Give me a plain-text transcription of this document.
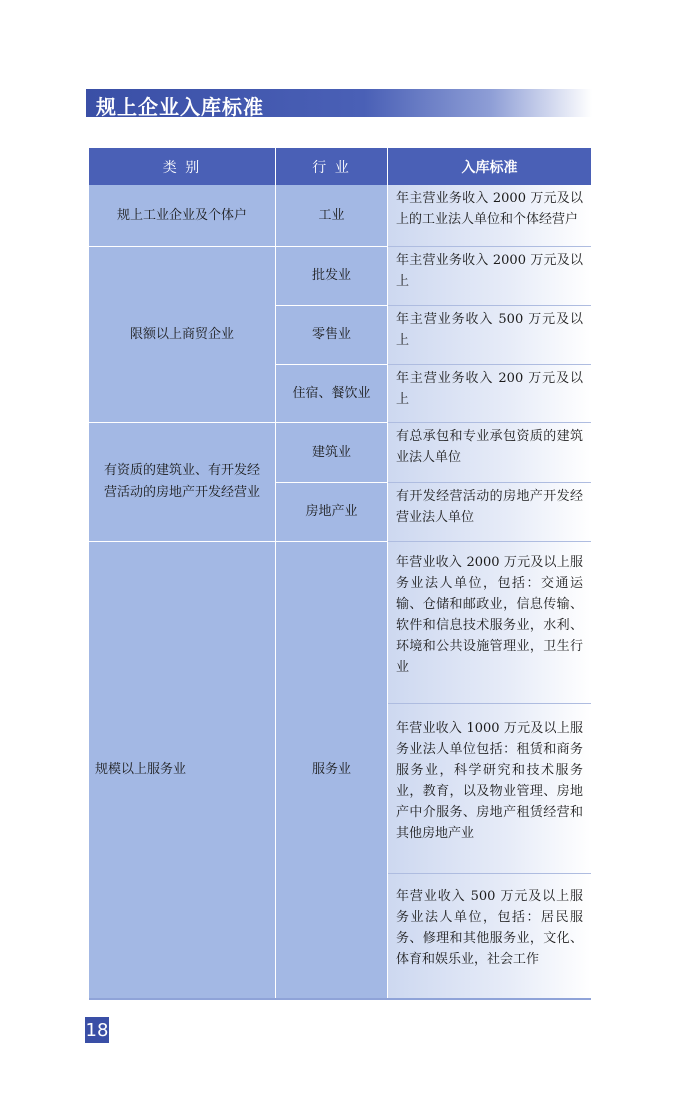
规上企业入库标准
类 别	行 业	入库标准
规上工业企业及个体户
限额以上商贸企业
有资质的建筑业、有开发经营活动的房地产开发经营业
规模以上服务业
工业
批发业
零售业
住宿、餐饮业
建筑业
房地产业
服务业
年主营业务收入 2000 万元及以上的工业法人单位和个体经营户
年主营业务收入 2000 万元及以上
年主营业务收入 500 万元及以上
年主营业务收入 200 万元及以上
有总承包和专业承包资质的建筑业法人单位
有开发经营活动的房地产开发经营业法人单位
年营业收入 2000 万元及以上服务业法人单位，包括：交通运输、仓储和邮政业，信息传输、软件和信息技术服务业，水利、环境和公共设施管理业，卫生行业
年营业收入 1000 万元及以上服务业法人单位包括：租赁和商务服务业，科学研究和技术服务业，教育，以及物业管理、房地产中介服务、房地产租赁经营和其他房地产业
年营业收入 500 万元及以上服务业法人单位，包括：居民服务、修理和其他服务业，文化、体育和娱乐业，社会工作
18
